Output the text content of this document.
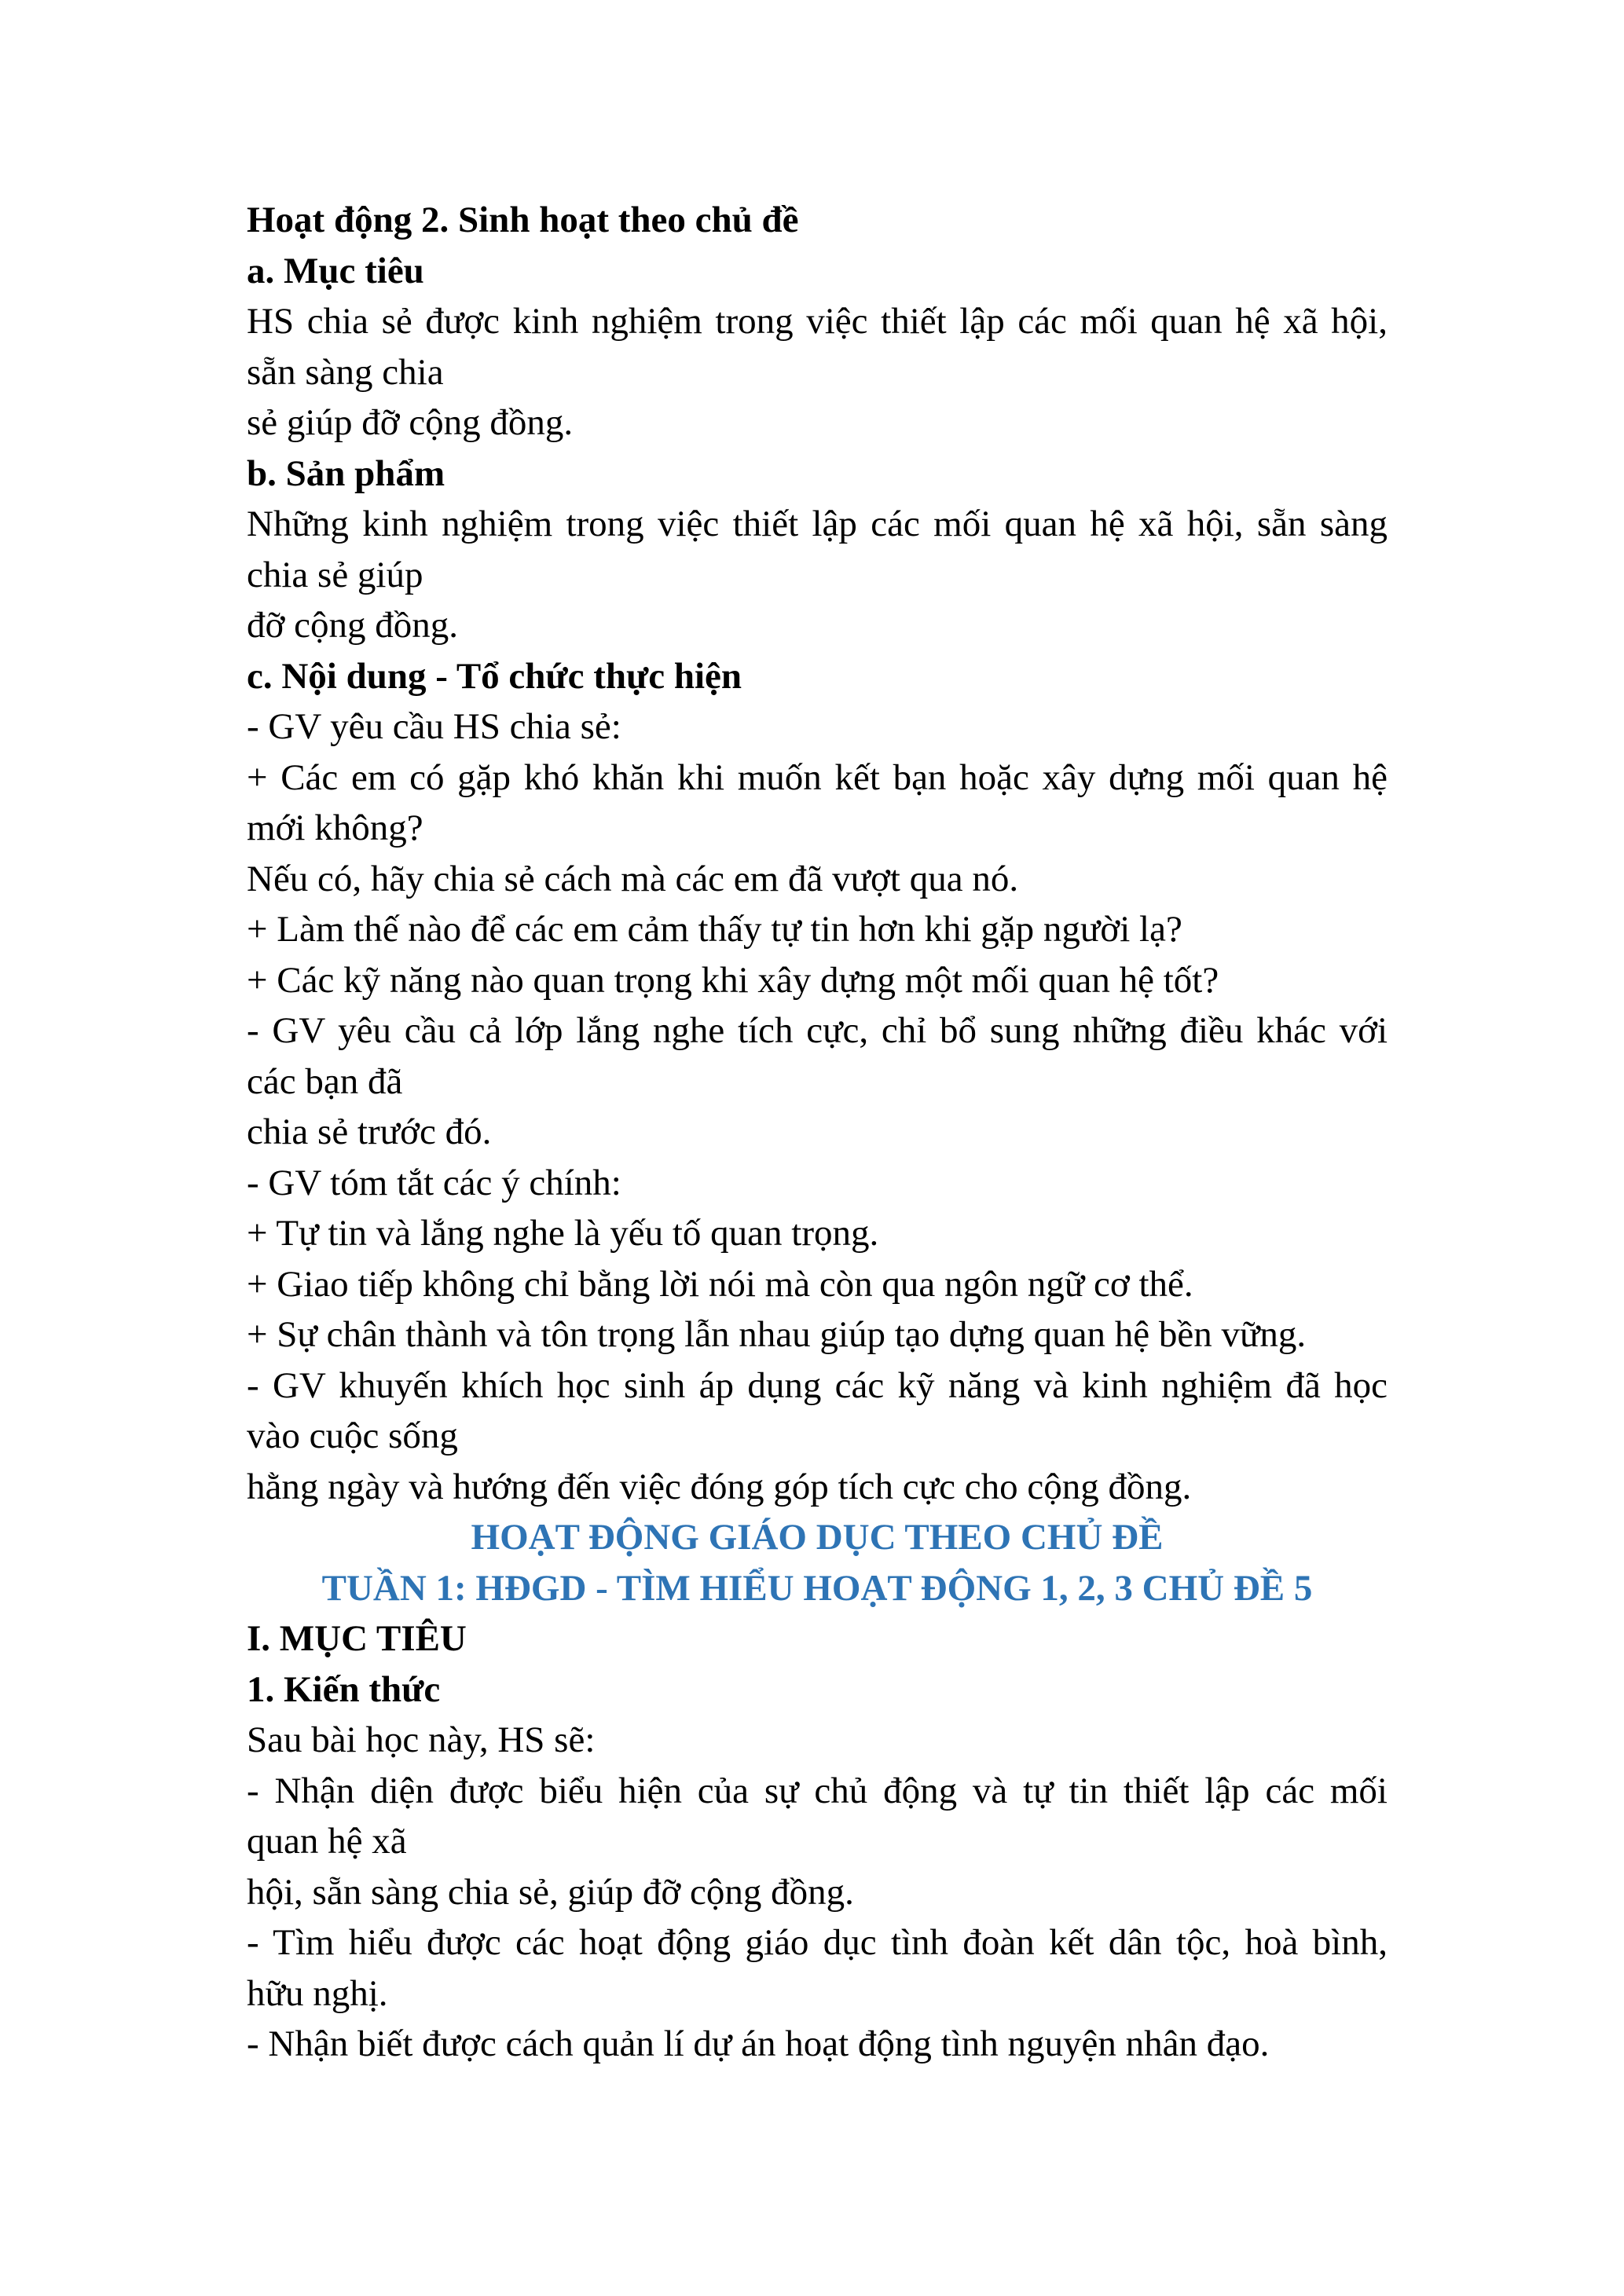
Hoạt động 2. Sinh hoạt theo chủ đề
a. Mục tiêu
HS chia sẻ được kinh nghiệm trong việc thiết lập các mối quan hệ xã hội,
sẵn sàng chia
sẻ giúp đỡ cộng đồng.
b. Sản phẩm
Những kinh nghiệm trong việc thiết lập các mối quan hệ xã hội, sẵn sàng
chia sẻ giúp
đỡ cộng đồng.
c. Nội dung - Tổ chức thực hiện
- GV yêu cầu HS chia sẻ:
+ Các em có gặp khó khăn khi muốn kết bạn hoặc xây dựng mối quan hệ
mới không?
Nếu có, hãy chia sẻ cách mà các em đã vượt qua nó.
+ Làm thế nào để các em cảm thấy tự tin hơn khi gặp người lạ?
+ Các kỹ năng nào quan trọng khi xây dựng một mối quan hệ tốt?
- GV yêu cầu cả lớp lắng nghe tích cực, chỉ bổ sung những điều khác với
các bạn đã
chia sẻ trước đó.
- GV tóm tắt các ý chính:
+ Tự tin và lắng nghe là yếu tố quan trọng.
+ Giao tiếp không chỉ bằng lời nói mà còn qua ngôn ngữ cơ thể.
+ Sự chân thành và tôn trọng lẫn nhau giúp tạo dựng quan hệ bền vững.
- GV khuyến khích học sinh áp dụng các kỹ năng và kinh nghiệm đã học
vào cuộc sống
hằng ngày và hướng đến việc đóng góp tích cực cho cộng đồng.
HOẠT ĐỘNG GIÁO DỤC THEO CHỦ ĐỀ
TUẦN 1: HĐGD - TÌM HIỂU HOẠT ĐỘNG 1, 2, 3 CHỦ ĐỀ 5
I. MỤC TIÊU
1. Kiến thức
Sau bài học này, HS sẽ:
- Nhận diện được biểu hiện của sự chủ động và tự tin thiết lập các mối
quan hệ xã
hội, sẵn sàng chia sẻ, giúp đỡ cộng đồng.
- Tìm hiểu được các hoạt động giáo dục tình đoàn kết dân tộc, hoà bình,
hữu nghị.
- Nhận biết được cách quản lí dự án hoạt động tình nguyện nhân đạo.
